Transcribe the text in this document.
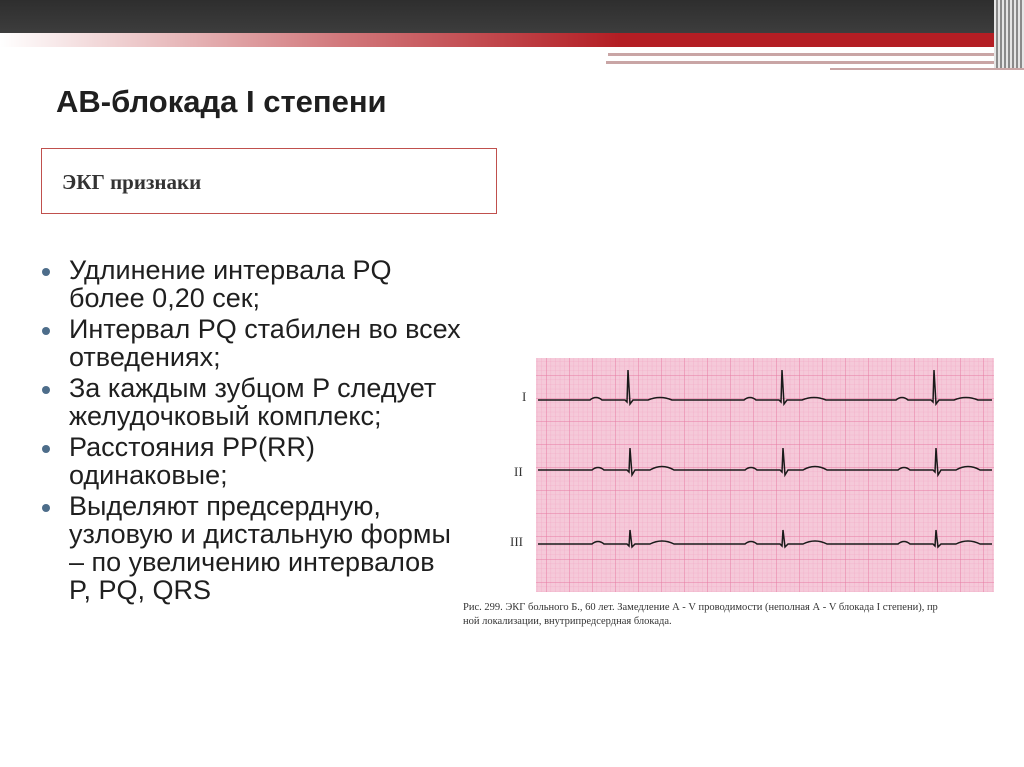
АВ-блокада I степени
ЭКГ признаки
Удлинение интервала PQ более 0,20 сек;
Интервал PQ стабилен во всех отведениях;
За каждым зубцом P следует желудочковый комплекс;
Расстояния PP(RR) одинаковые;
Выделяют предсердную, узловую и дистальную формы – по увеличению интервалов P, PQ, QRS
I
II
III

Рис. 299. ЭКГ больного Б., 60 лет. Замедление А - V проводимости (неполная А - V блокада I степени), пр
ной локализации, внутрипредсердная блокада.
